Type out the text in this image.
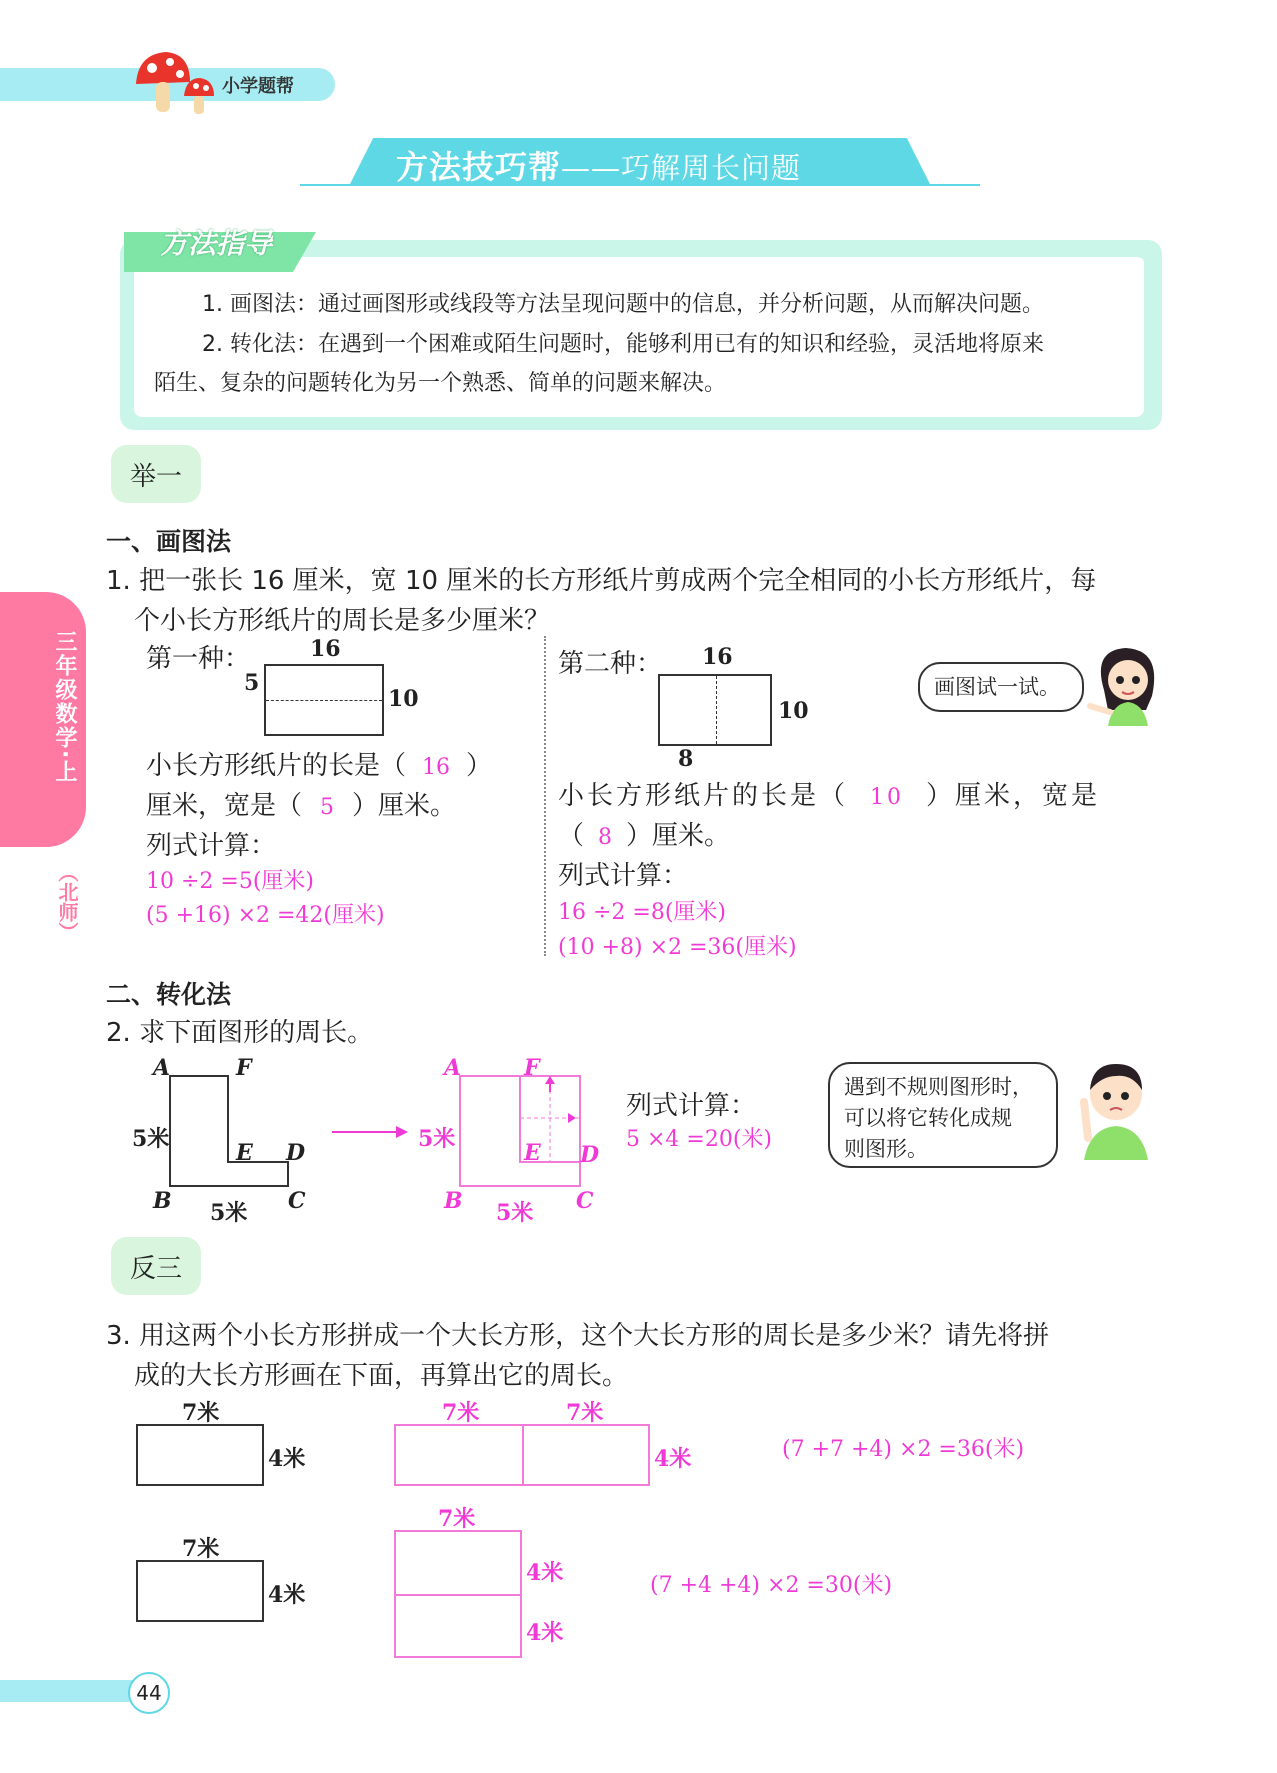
小学题帮
方法技巧帮——巧解周长问题
方法指导
1. 画图法：通过画图形或线段等方法呈现问题中的信息，并分析问题，从而解决问题。
2. 转化法：在遇到一个困难或陌生问题时，能够利用已有的知识和经验，灵活地将原来
陌生、复杂的问题转化为另一个熟悉、简单的问题来解决。
举一
一、画图法
1. 把一张长 16 厘米，宽 10 厘米的长方形纸片剪成两个完全相同的小长方形纸片，每
个小长方形纸片的周长是多少厘米？
第一种：	16
5
10
小长方形纸片的长是（ 16 ）
厘米，宽是（ 5 ）厘米。
列式计算：
10 ÷2 =5(厘米)
(5 +16) ×2 =42(厘米)
第二种： 16
10
8
小长方形纸片的长是（ 10 ）厘米，宽是
（ 8 ）厘米。
列式计算：
16 ÷2 =8(厘米)
(10 +8) ×2 =36(厘米)
画图试一试。
二、转化法
2. 求下面图形的周长。
A	F
5米
E D
B	C
5米
A	F
5米
E D
B	C
5米
列式计算：
5 ×4 =20(米)
遇到不规则图形时，
可以将它转化成规
则图形。
反三
3. 用这两个小长方形拼成一个大长方形，这个大长方形的周长是多少米？请先将拼
成的大长方形画在下面，再算出它的周长。
7米
4米
7米
4米
7米	7米
4米	(7 +7 +4) ×2 =36(米)
7米
4米
4米
(7 +4 +4) ×2 =30(米)
三年级数学·上
（北师）
44
